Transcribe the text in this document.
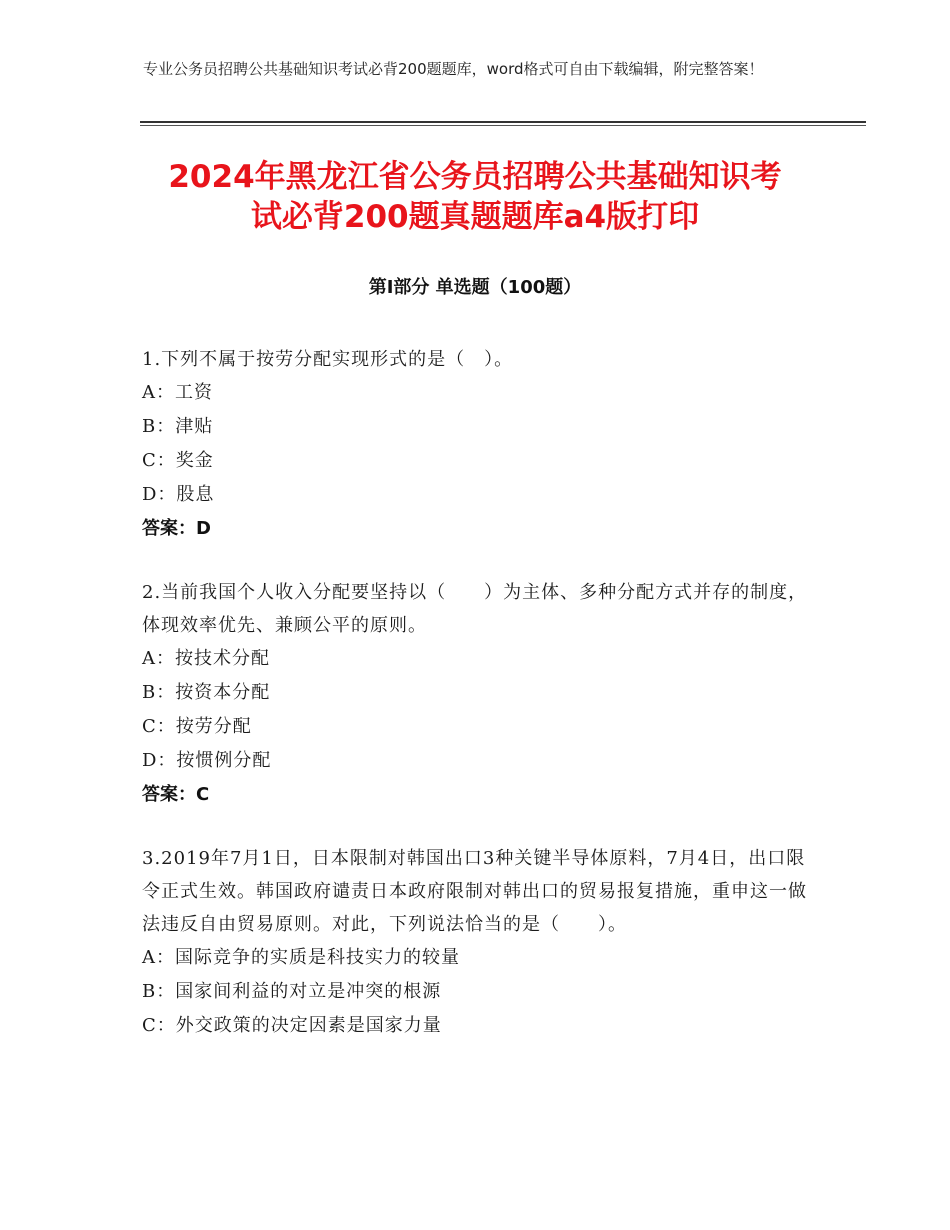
专业公务员招聘公共基础知识考试必背200题题库，word格式可自由下载编辑，附完整答案！
2024年黑龙江省公务员招聘公共基础知识考
试必背200题真题题库a4版打印
第Ⅰ部分 单选题（100题）

1.下列不属于按劳分配实现形式的是（　）。

A：工资

B：津贴

C：奖金

D：股息

答案：D

2.当前我国个人收入分配要坚持以（　　）为主体、多种分配方式并存的制度，体现效率优先、兼顾公平的原则。

A：按技术分配

B：按资本分配

C：按劳分配

D：按惯例分配

答案：C

3.2019年7月1日，日本限制对韩国出口3种关键半导体原料，7月4日，出口限令正式生效。韩国政府谴责日本政府限制对韩出口的贸易报复措施，重申这一做法违反自由贸易原则。对此，下列说法恰当的是（　　）。

A：国际竞争的实质是科技实力的较量

B：国家间利益的对立是冲突的根源

C：外交政策的决定因素是国家力量
